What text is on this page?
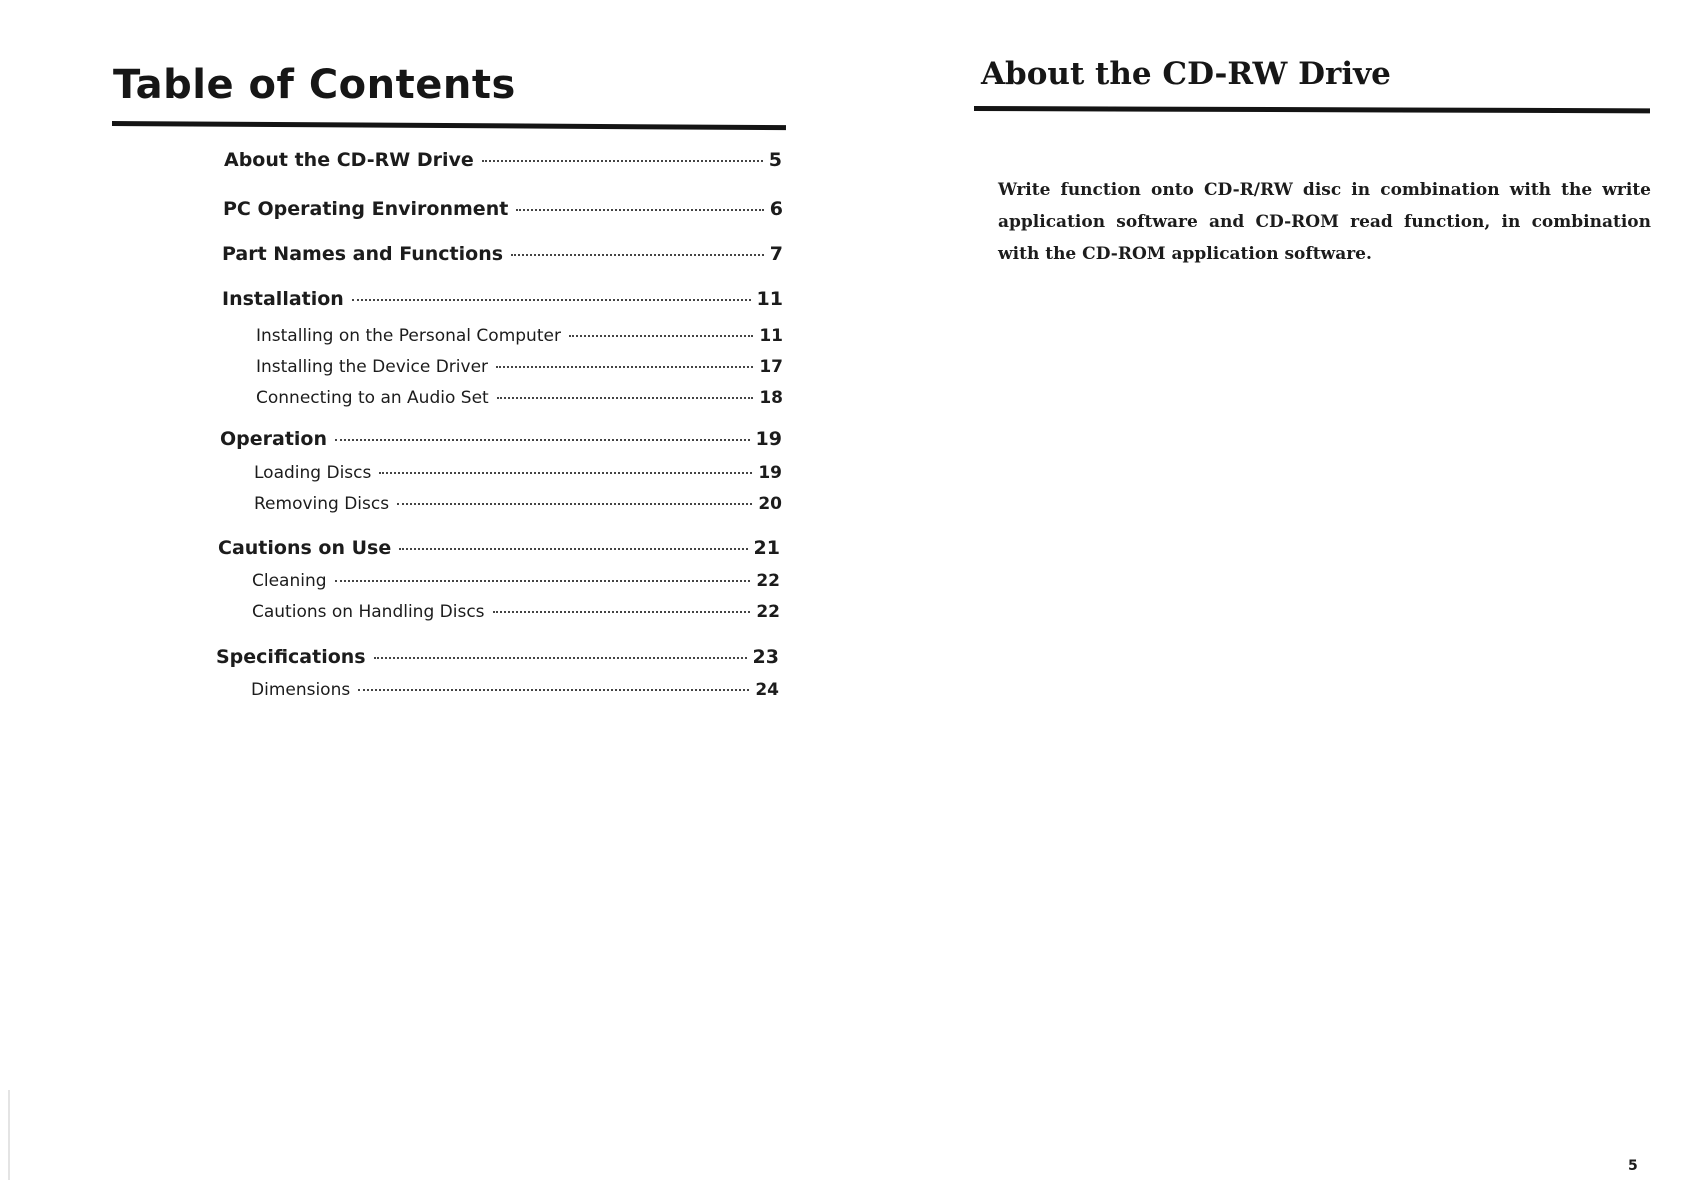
Table of Contents
About the CD-RW Drive	5
PC Operating Environment	6
Part Names and Functions	7
Installation	11
Installing on the Personal Computer	11
Installing the Device Driver	17
Connecting to an Audio Set	18
Operation	19
Loading Discs	19
Removing Discs	20
Cautions on Use	21
Cleaning	22
Cautions on Handling Discs	22
Specifications	23
Dimensions	24
About the CD-RW Drive

Write function onto CD-R/RW disc in combination with the write application software and CD-ROM read function, in combination with the CD-ROM application software.

5
